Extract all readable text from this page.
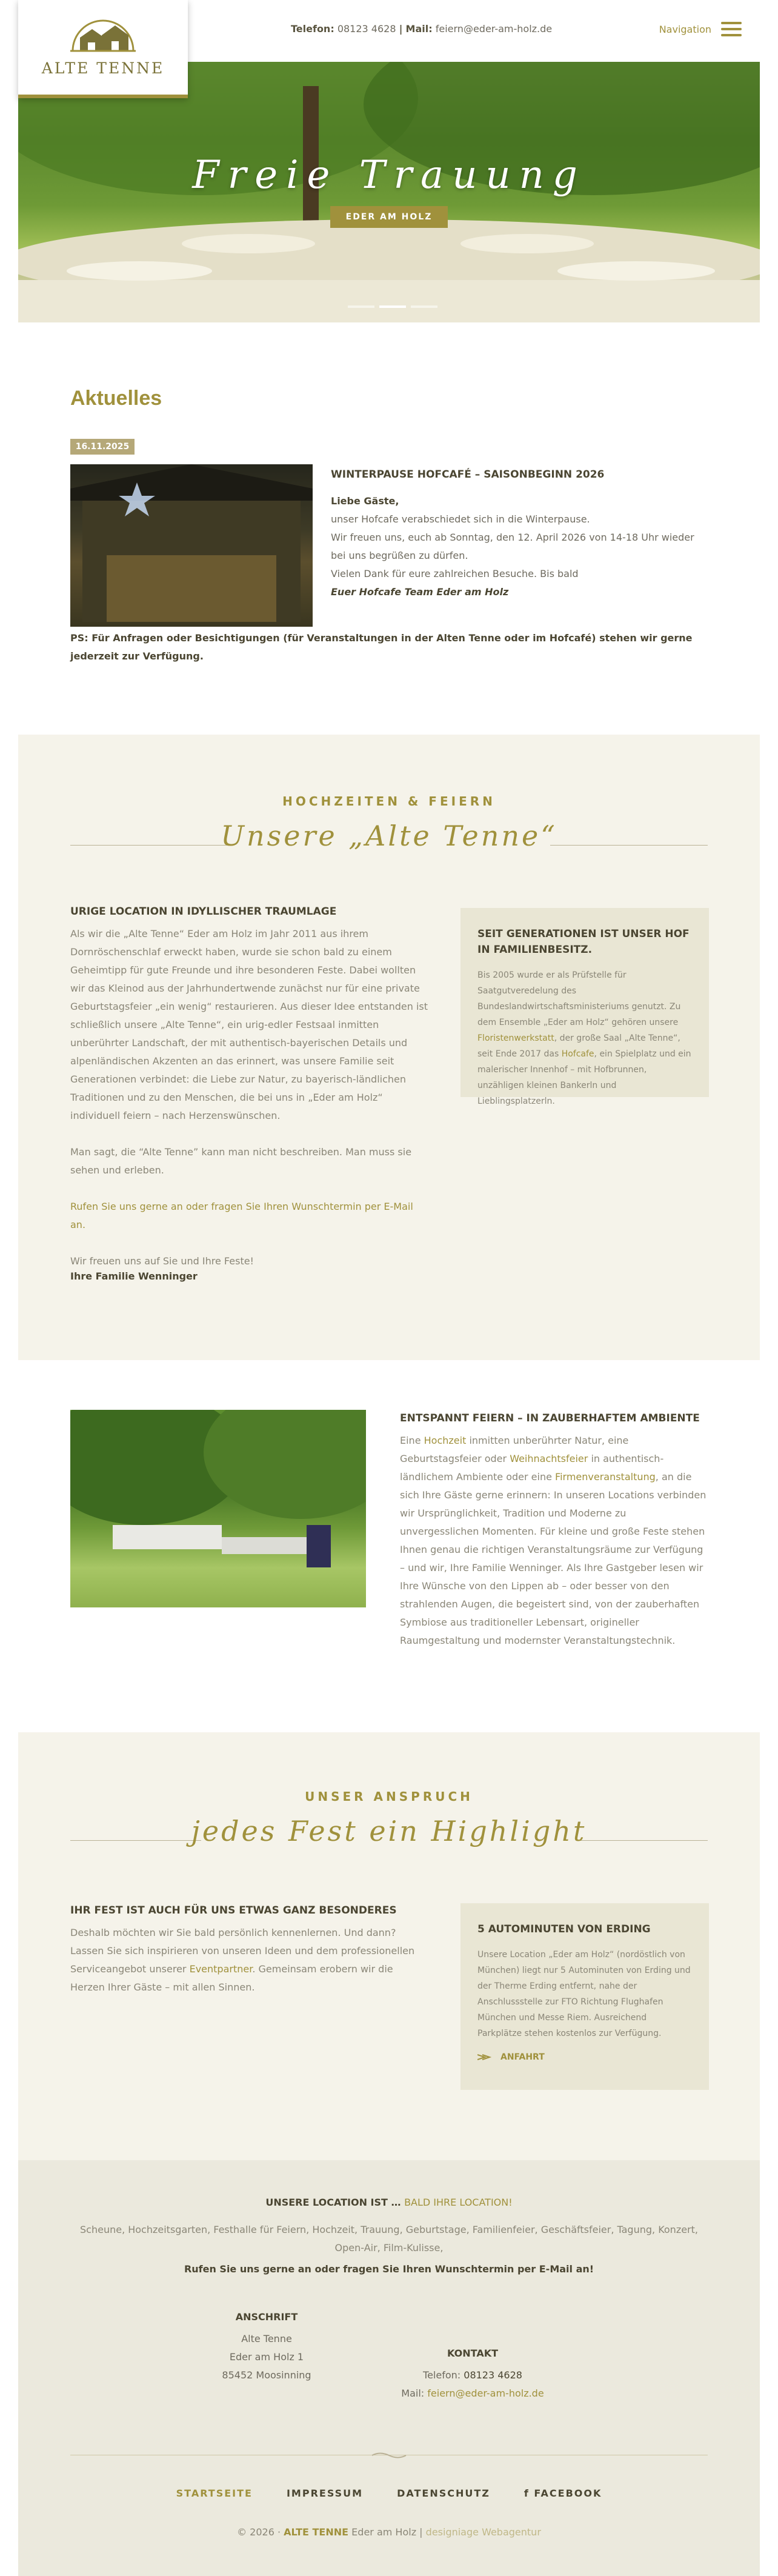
ALTE TENNE
Telefon: 08123 4628 | Mail: feiern@eder-am-holz.de	Navigation
Freie Trauung
EDER AM HOLZ
Aktuelles
16.11.2025
WINTERPAUSE HOFCAFÉ – SAISONBEGINN 2026
Liebe Gäste,
unser Hofcafe verabschiedet sich in die Winterpause.
Wir freuen uns, euch ab Sonntag, den 12. April 2026 von 14-18 Uhr wieder bei uns begrüßen zu dürfen.
Vielen Dank für eure zahlreichen Besuche. Bis bald
Euer Hofcafe Team Eder am Holz
PS: Für Anfragen oder Besichtigungen (für Veranstaltungen in der Alten Tenne oder im Hofcafé) stehen wir gerne jederzeit zur Verfügung.
HOCHZEITEN & FEIERN
Unsere „Alte Tenne“
URIGE LOCATION IN IDYLLISCHER TRAUMLAGE
Als wir die „Alte Tenne“ Eder am Holz im Jahr 2011 aus ihrem Dornröschenschlaf erweckt haben, wurde sie schon bald zu einem Geheimtipp für gute Freunde und ihre besonderen Feste. Dabei wollten wir das Kleinod aus der Jahrhundertwende zunächst nur für eine private Geburtstagsfeier „ein wenig“ restaurieren. Aus dieser Idee entstanden ist schließlich unsere „Alte Tenne“, ein urig-edler Festsaal inmitten unberührter Landschaft, der mit authentisch-bayerischen Details und alpenländischen Akzenten an das erinnert, was unsere Familie seit Generationen verbindet: die Liebe zur Natur, zu bayerisch-ländlichen Traditionen und zu den Menschen, die bei uns in „Eder am Holz“ individuell feiern – nach Herzenswünschen.
Man sagt, die “Alte Tenne” kann man nicht beschreiben. Man muss sie sehen und erleben.
Rufen Sie uns gerne an oder fragen Sie Ihren Wunschtermin per E-Mail an.
Wir freuen uns auf Sie und Ihre Feste!
Ihre Familie Wenninger
SEIT GENERATIONEN IST UNSER HOF IN FAMILIENBESITZ.
Bis 2005 wurde er als Prüfstelle für Saatgutveredelung des Bundeslandwirtschaftsministeriums genutzt. Zu dem Ensemble „Eder am Holz“ gehören unsere Floristenwerkstatt, der große Saal „Alte Tenne“, seit Ende 2017 das Hofcafe, ein Spielplatz und ein malerischer Innenhof – mit Hofbrunnen, unzähligen kleinen Bankerln und Lieblingsplatzerln.
ENTSPANNT FEIERN – IN ZAUBERHAFTEM AMBIENTE
Eine Hochzeit inmitten unberührter Natur, eine Geburtstagsfeier oder Weihnachtsfeier in authentisch-ländlichem Ambiente oder eine Firmenveranstaltung, an die sich Ihre Gäste gerne erinnern: In unseren Locations verbinden wir Ursprünglichkeit, Tradition und Moderne zu unvergesslichen Momenten. Für kleine und große Feste stehen Ihnen genau die richtigen Veranstaltungsräume zur Verfügung – und wir, Ihre Familie Wenninger. Als Ihre Gastgeber lesen wir Ihre Wünsche von den Lippen ab – oder besser von den strahlenden Augen, die begeistert sind, von der zauberhaften Symbiose aus traditioneller Lebensart, origineller Raumgestaltung und modernster Veranstaltungstechnik.
UNSER ANSPRUCH
jedes Fest ein Highlight
IHR FEST IST AUCH FÜR UNS ETWAS GANZ BESONDERES
Deshalb möchten wir Sie bald persönlich kennenlernen. Und dann? Lassen Sie sich inspirieren von unseren Ideen und dem professionellen Serviceangebot unserer Eventpartner. Gemeinsam erobern wir die Herzen Ihrer Gäste – mit allen Sinnen.
5 AUTOMINUTEN VON ERDING
Unsere Location „Eder am Holz“ (nordöstlich von München) liegt nur 5 Autominuten von Erding und der Therme Erding entfernt, nahe der Anschlussstelle zur FTO Richtung Flughafen München und Messe Riem. Ausreichend Parkplätze stehen kostenlos zur Verfügung.
ANFAHRT
UNSERE LOCATION IST … BALD IHRE LOCATION!
Scheune, Hochzeitsgarten, Festhalle für Feiern, Hochzeit, Trauung, Geburtstage, Familienfeier, Geschäftsfeier, Tagung, Konzert, Open-Air, Film-Kulisse,
Rufen Sie uns gerne an oder fragen Sie Ihren Wunschtermin per E-Mail an!
ANSCHRIFT
Alte Tenne
Eder am Holz 1
85452 Moosinning
KONTAKT
Telefon: 08123 4628
Mail: feiern@eder-am-holz.de
STARTSEITE	IMPRESSUM	DATENSCHUTZ	f FACEBOOK
© 2026 · ALTE TENNE Eder am Holz | designiage Webagentur
